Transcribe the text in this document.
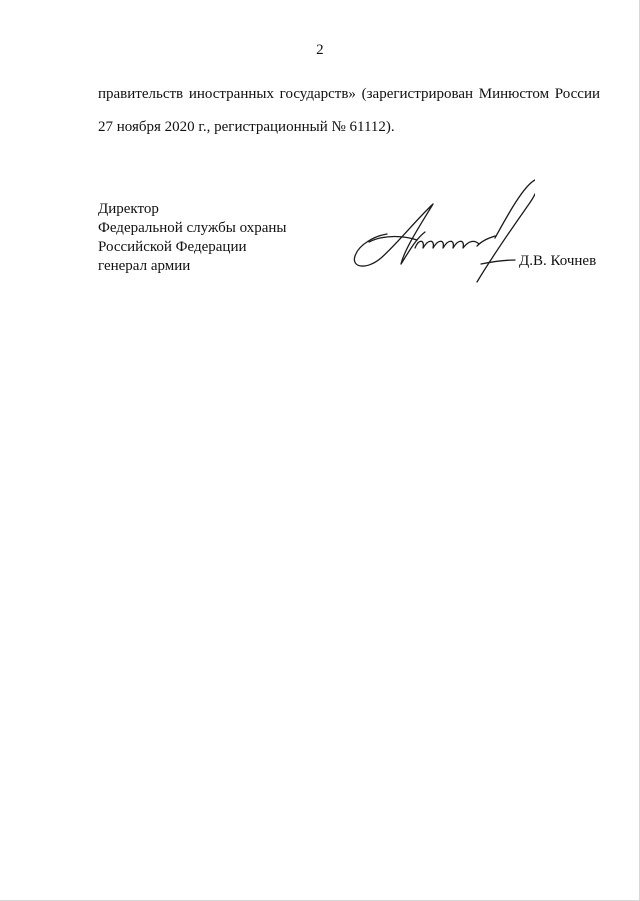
2
правительств иностранных государств» (зарегистрирован Минюстом России
27 ноября 2020 г., регистрационный № 61112).
Директор
Федеральной службы охраны
Российской Федерации
генерал армии	Д.В. Кочнев
